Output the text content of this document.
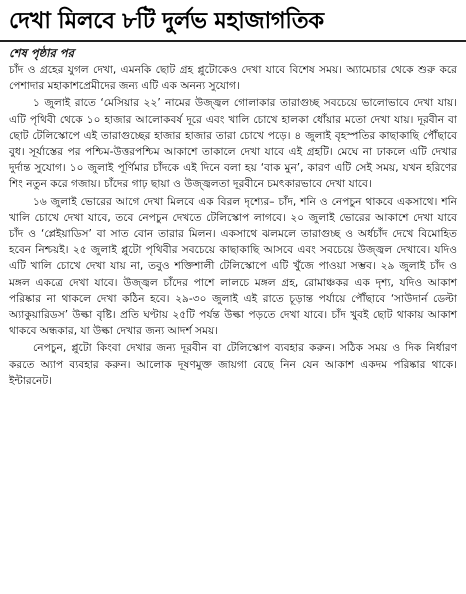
দেখা মিলবে ৮টি দুর্লভ মহাজাগতিক
শেষ পৃষ্ঠার পর

চাঁদ ও গ্রহের যুগল দেখা, এমনকি ছোট গ্রহ প্লুটোকেও দেখা যাবে বিশেষ সময়। অ্যামেচার থেকে শুরু করে পেশাদার মহাকাশপ্রেমীদের জন্য এটি এক অনন্য সুযোগ।

১ জুলাই রাতে ‘মেসিয়ার ২২’ নামের উজ্জ্বল গোলাকার তারাগুচ্ছ সবচেয়ে ভালোভাবে দেখা যায়। এটি পৃথিবী থেকে ১০ হাজার আলোকবর্ষ দূরে এবং খালি চোখে হালকা ধোঁয়ার মতো দেখা যায়। দূরবীন বা ছোট টেলিস্কোপে এই তারাগুচ্ছের হাজার হাজার তারা চোখে পড়ে। ৪ জুলাই বৃহস্পতির কাছাকাছি পৌঁছাবে বুধ। সূর্যাস্তের পর পশ্চিম-উত্তরপশ্চিম আকাশে তাকালে দেখা যাবে এই গ্রহটি। মেঘে না ঢাকলে এটি দেখার দুর্দান্ত সুযোগ। ১০ জুলাই পূর্ণিমার চাঁদকে এই দিনে বলা হয় ‘বাক মুন’, কারণ এটি সেই সময়, যখন হরিণের শিং নতুন করে গজায়। চাঁদের গাঢ় ছায়া ও উজ্জ্বলতা দূরবীনে চমৎকারভাবে দেখা যাবে।

১৬ জুলাই ভোরের আগে দেখা মিলবে এক বিরল দৃশ্যের– চাঁদ, শনি ও নেপচুন থাকবে একসাথে। শনি খালি চোখে দেখা যাবে, তবে নেপচুন দেখতে টেলিস্কোপ লাগবে। ২০ জুলাই ভোরের আকাশে দেখা যাবে চাঁদ ও ‘প্লেইয়াডিস’ বা সাত বোন তারার মিলন। একসাথে ঝলমলে তারাগুচ্ছ ও অর্ধচাঁদ দেখে বিমোহিত হবেন নিশ্চয়ই। ২৫ জুলাই প্লুটো পৃথিবীর সবচেয়ে কাছাকাছি আসবে এবং সবচেয়ে উজ্জ্বল দেখাবে। যদিও এটি খালি চোখে দেখা যায় না, তবুও শক্তিশালী টেলিস্কোপে এটি খুঁজে পাওয়া সম্ভব। ২৯ জুলাই চাঁদ ও মঙ্গল একত্রে দেখা যাবে। উজ্জ্বল চাঁদের পাশে লালচে মঙ্গল গ্রহ, রোমাঞ্চকর এক দৃশ্য, যদিও আকাশ পরিষ্কার না থাকলে দেখা কঠিন হবে। ২৯-৩০ জুলাই এই রাতে চূড়ান্ত পর্যায়ে পৌঁছাবে ‘সাউদার্ন ডেল্টা অ্যাকুয়ারিডস’ উল্কা বৃষ্টি। প্রতি ঘণ্টায় ২৫টি পর্যন্ত উল্কা পড়তে দেখা যাবে। চাঁদ খুবই ছোট থাকায় আকাশ থাকবে অন্ধকার, যা উল্কা দেখার জন্য আদর্শ সময়।

নেপচুন, প্লুটো কিংবা দেখার জন্য দূরবীন বা টেলিস্কোপ ব্যবহার করুন। সঠিক সময় ও দিক নির্ধারণ করতে অ্যাপ ব্যবহার করুন। আলোক দূষণমুক্ত জায়গা বেছে নিন যেন আকাশ একদম পরিষ্কার থাকে। ইন্টারনেট।
